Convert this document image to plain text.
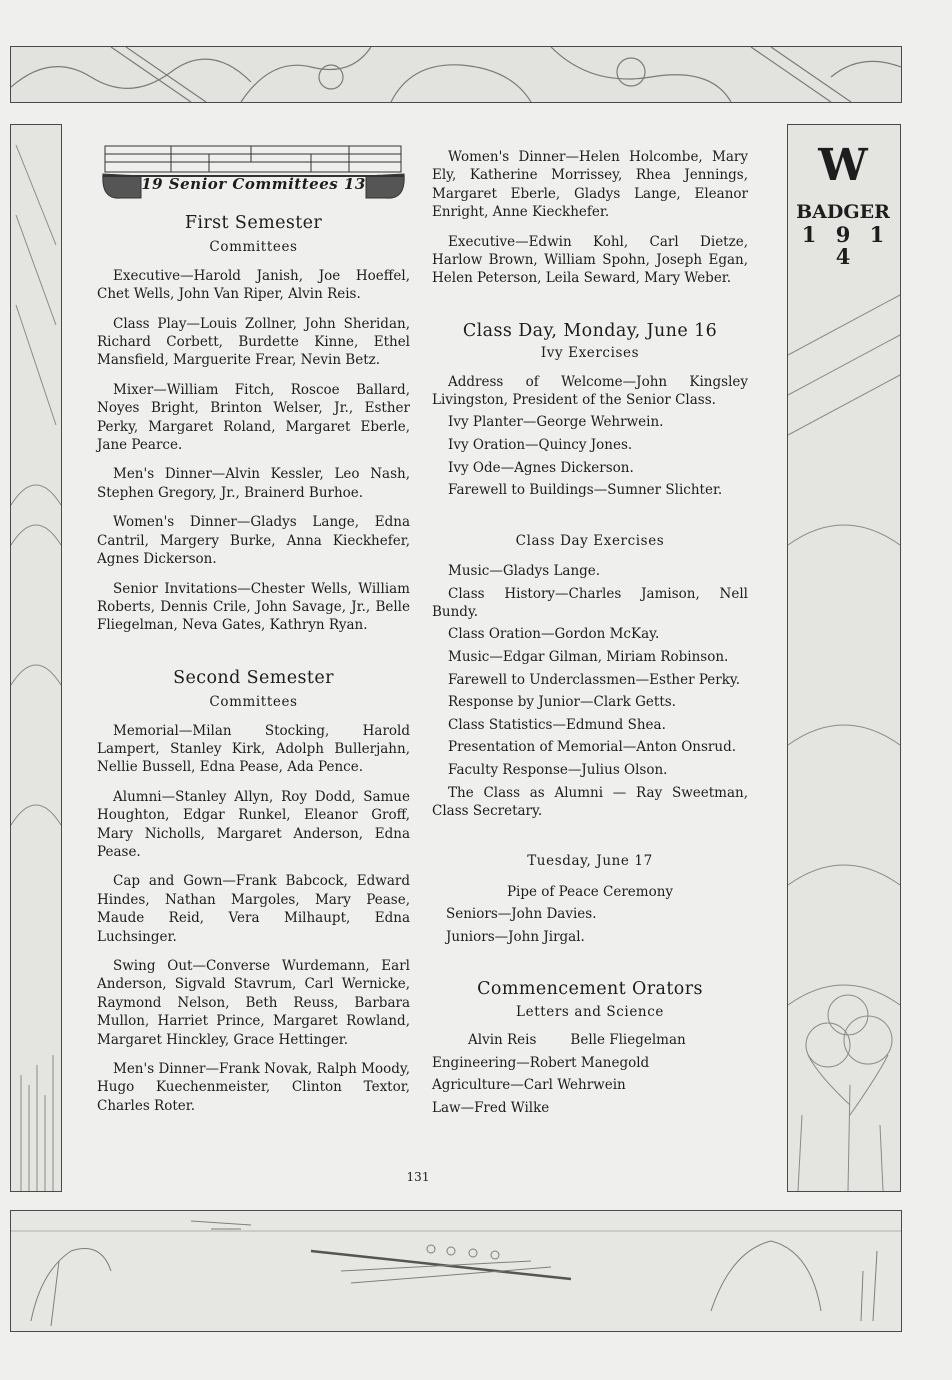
W
BADGER
1 9 1 4
19 Senior Committees 13

First Semester

Committees

Executive—Harold Janish, Joe Hoeffel, Chet Wells, John Van Riper, Alvin Reis.

Class Play—Louis Zollner, John Sheridan, Richard Corbett, Burdette Kinne, Ethel Mansfield, Marguerite Frear, Nevin Betz.

Mixer—William Fitch, Roscoe Ballard, Noyes Bright, Brinton Welser, Jr., Esther Perky, Margaret Roland, Margaret Eberle, Jane Pearce.

Men's Dinner—Alvin Kessler, Leo Nash, Stephen Gregory, Jr., Brainerd Burhoe.

Women's Dinner—Gladys Lange, Edna Cantril, Margery Burke, Anna Kieckhefer, Agnes Dickerson.

Senior Invitations—Chester Wells, William Roberts, Dennis Crile, John Savage, Jr., Belle Fliegelman, Neva Gates, Kathryn Ryan.

Second Semester

Committees

Memorial—Milan Stocking, Harold Lampert, Stanley Kirk, Adolph Bullerjahn, Nellie Bussell, Edna Pease, Ada Pence.

Alumni—Stanley Allyn, Roy Dodd, Samue Houghton, Edgar Runkel, Eleanor Groff, Mary Nicholls, Margaret Anderson, Edna Pease.

Cap and Gown—Frank Babcock, Edward Hindes, Nathan Margoles, Mary Pease, Maude Reid, Vera Milhaupt, Edna Luchsinger.

Swing Out—Converse Wurdemann, Earl Anderson, Sigvald Stavrum, Carl Wernicke, Raymond Nelson, Beth Reuss, Barbara Mullon, Harriet Prince, Margaret Rowland, Margaret Hinckley, Grace Hettinger.

Men's Dinner—Frank Novak, Ralph Moody, Hugo Kuechenmeister, Clinton Textor, Charles Roter.

Women's Dinner—Helen Holcombe, Mary Ely, Katherine Morrissey, Rhea Jennings, Margaret Eberle, Gladys Lange, Eleanor Enright, Anne Kieckhefer.

Executive—Edwin Kohl, Carl Dietze, Harlow Brown, William Spohn, Joseph Egan, Helen Peterson, Leila Seward, Mary Weber.

Class Day, Monday, June 16

Ivy Exercises

Address of Welcome—John Kingsley Livingston, President of the Senior Class.

Ivy Planter—George Wehrwein.

Ivy Oration—Quincy Jones.

Ivy Ode—Agnes Dickerson.

Farewell to Buildings—Sumner Slichter.

Class Day Exercises

Music—Gladys Lange.

Class History—Charles Jamison, Nell Bundy.

Class Oration—Gordon McKay.

Music—Edgar Gilman, Miriam Robinson.

Farewell to Underclassmen—Esther Perky.

Response by Junior—Clark Getts.

Class Statistics—Edmund Shea.

Presentation of Memorial—Anton Onsrud.

Faculty Response—Julius Olson.

The Class as Alumni — Ray Sweetman, Class Secretary.

Tuesday, June 17

Pipe of Peace Ceremony

Seniors—John Davies.

Juniors—John Jirgal.

Commencement Orators

Letters and Science

Alvin Reis	Belle Fliegelman

Engineering—Robert Manegold

Agriculture—Carl Wehrwein

Law—Fred Wilke

131
